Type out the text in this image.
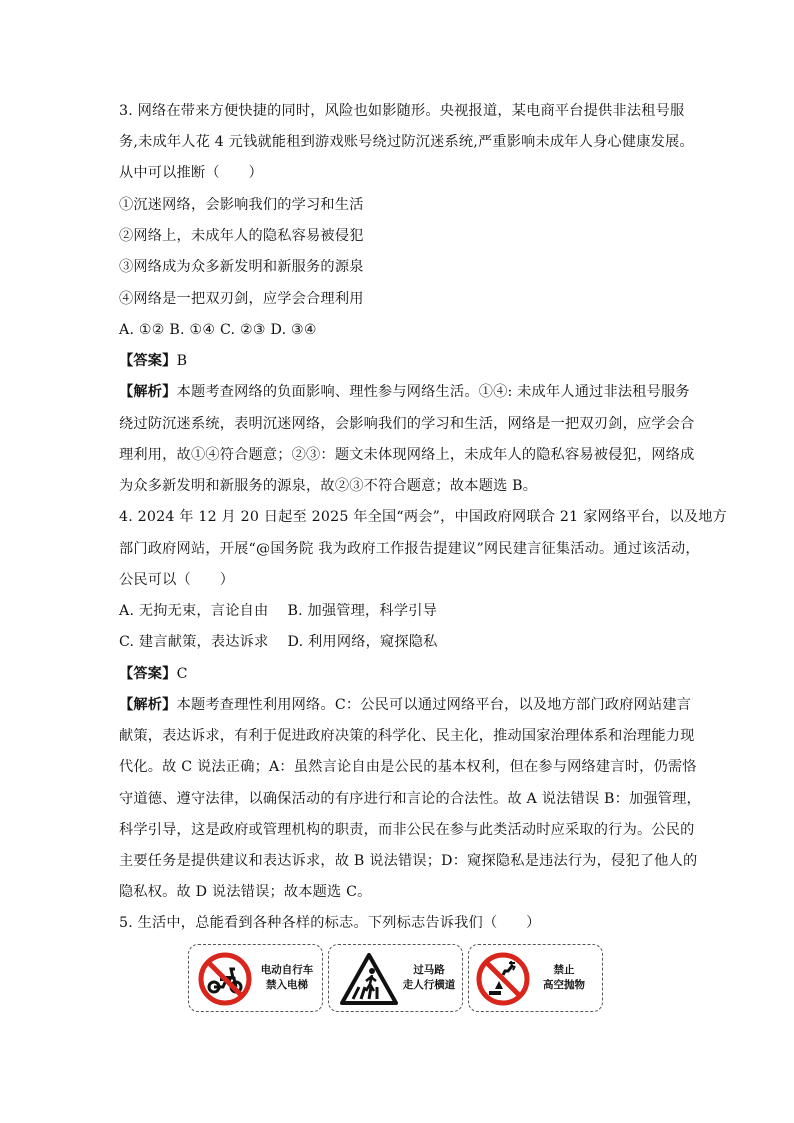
3. 网络在带来方便快捷的同时，风险也如影随形。央视报道，某电商平台提供非法租号服
务,未成年人花 4 元钱就能租到游戏账号绕过防沉迷系统,严重影响未成年人身心健康发展。
从中可以推断（　　）
①沉迷网络，会影响我们的学习和生活
②网络上，未成年人的隐私容易被侵犯
③网络成为众多新发明和新服务的源泉
④网络是一把双刃剑，应学会合理利用
A. ①② B. ①④ C. ②③ D. ③④
【答案】B
【解析】本题考查网络的负面影响、理性参与网络生活。①④: 未成年人通过非法租号服务
绕过防沉迷系统，表明沉迷网络，会影响我们的学习和生活，网络是一把双刃剑，应学会合
理利用，故①④符合题意；②③：题文未体现网络上，未成年人的隐私容易被侵犯，网络成
为众多新发明和新服务的源泉，故②③不符合题意；故本题选 B。
4. 2024 年 12 月 20 日起至 2025 年全国“两会”，中国政府网联合 21 家网络平台，以及地方
部门政府网站，开展“@国务院 我为政府工作报告提建议”网民建言征集活动。通过该活动，
公民可以（　　）
A. 无拘无束，言论自由　 B. 加强管理，科学引导
C. 建言献策，表达诉求　 D. 利用网络，窥探隐私
【答案】C
【解析】本题考查理性利用网络。C：公民可以通过网络平台，以及地方部门政府网站建言
献策，表达诉求，有利于促进政府决策的科学化、民主化，推动国家治理体系和治理能力现
代化。故 C 说法正确；A：虽然言论自由是公民的基本权利，但在参与网络建言时，仍需恪
守道德、遵守法律，以确保活动的有序进行和言论的合法性。故 A 说法错误 B：加强管理，
科学引导，这是政府或管理机构的职责，而非公民在参与此类活动时应采取的行为。公民的
主要任务是提供建议和表达诉求，故 B 说法错误；D：窥探隐私是违法行为，侵犯了他人的
隐私权。故 D 说法错误；故本题选 C。
5. 生活中，总能看到各种各样的标志。下列标志告诉我们（　　）
电动自行车
禁入电梯
过马路
走人行横道
禁止
高空抛物
